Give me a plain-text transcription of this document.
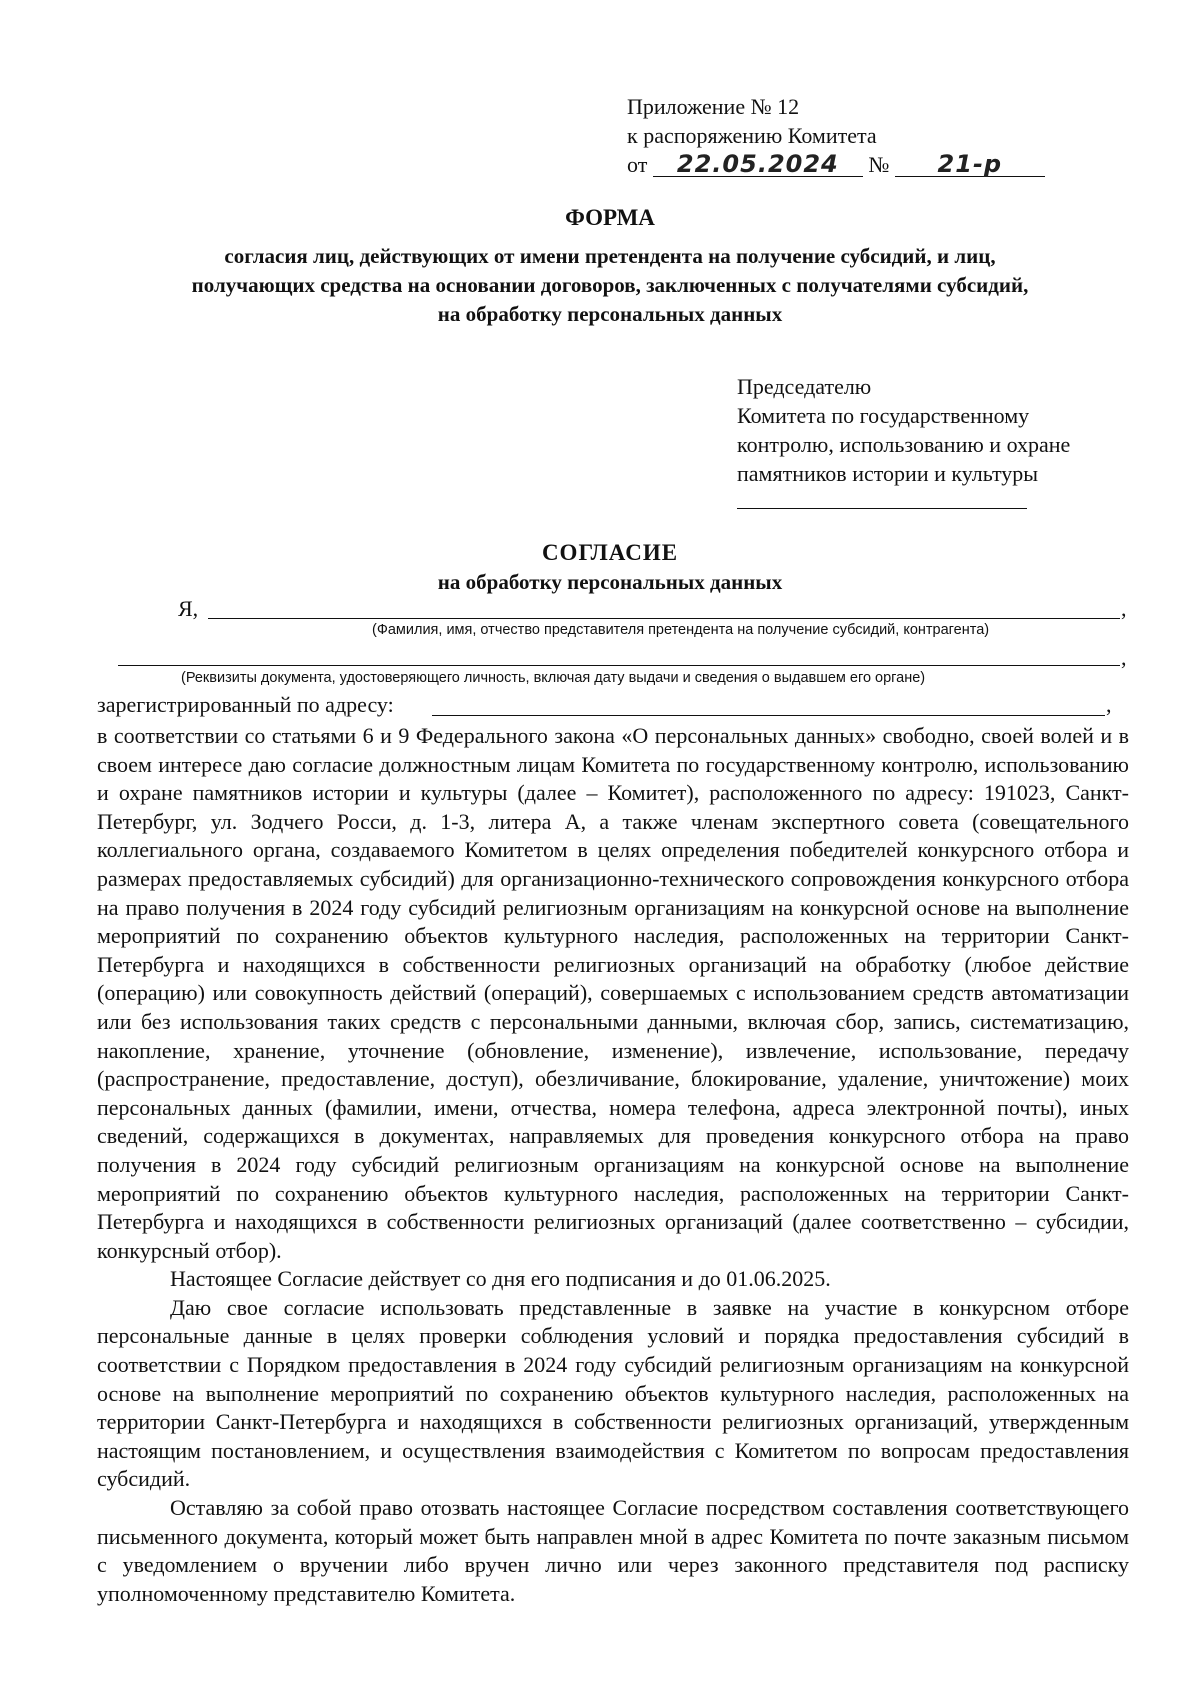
Приложение № 12
к распоряжению Комитета
от 22.05.2024 № 21-р
ФОРМА
согласия лиц, действующих от имени претендента на получение субсидий, и лиц,
получающих средства на основании договоров, заключенных с получателями субсидий,
на обработку персональных данных
Председателю
Комитета по государственному
контролю, использованию и охране
памятников истории и культуры
СОГЛАСИЕ
на обработку персональных данных
Я,	,
(Фамилия, имя, отчество представителя претендента на получение субсидий, контрагента)
,
(Реквизиты документа, удостоверяющего личность, включая дату выдачи и сведения о выдавшем его органе)
зарегистрированный по адресу:	,

в соответствии со статьями 6 и 9 Федерального закона «О персональных данных» свободно, своей волей и в своем интересе даю согласие должностным лицам Комитета по государственному контролю, использованию и охране памятников истории и культуры (далее – Комитет), расположенного по адресу: 191023, Санкт-Петербург, ул. Зодчего Росси, д. 1-3, литера А, а также членам экспертного совета (совещательного коллегиального органа, создаваемого Комитетом в целях определения победителей конкурсного отбора и размерах предоставляемых субсидий) для организационно-технического сопровождения конкурсного отбора на право получения в 2024 году субсидий религиозным организациям на конкурсной основе на выполнение мероприятий по сохранению объектов культурного наследия, расположенных на территории Санкт-Петербурга и находящихся в собственности религиозных организаций на обработку (любое действие (операцию) или совокупность действий (операций), совершаемых с использованием средств автоматизации или без использования таких средств с персональными данными, включая сбор, запись, систематизацию, накопление, хранение, уточнение (обновление, изменение), извлечение, использование, передачу (распространение, предоставление, доступ), обезличивание, блокирование, удаление, уничтожение) моих персональных данных (фамилии, имени, отчества, номера телефона, адреса электронной почты), иных сведений, содержащихся в документах, направляемых для проведения конкурсного отбора на право получения в 2024 году субсидий религиозным организациям на конкурсной основе на выполнение мероприятий по сохранению объектов культурного наследия, расположенных на территории Санкт-Петербурга и находящихся в собственности религиозных организаций (далее соответственно – субсидии, конкурсный отбор).

Настоящее Согласие действует со дня его подписания и до 01.06.2025.

Даю свое согласие использовать представленные в заявке на участие в конкурсном отборе персональные данные в целях проверки соблюдения условий и порядка предоставления субсидий в соответствии с Порядком предоставления в 2024 году субсидий религиозным организациям на конкурсной основе на выполнение мероприятий по сохранению объектов культурного наследия, расположенных на территории Санкт-Петербурга и находящихся в собственности религиозных организаций, утвержденным настоящим постановлением, и осуществления взаимодействия с Комитетом по вопросам предоставления субсидий.

Оставляю за собой право отозвать настоящее Согласие посредством составления соответствующего письменного документа, который может быть направлен мной в адрес Комитета по почте заказным письмом с уведомлением о вручении либо вручен лично или через законного представителя под расписку уполномоченному представителю Комитета.
